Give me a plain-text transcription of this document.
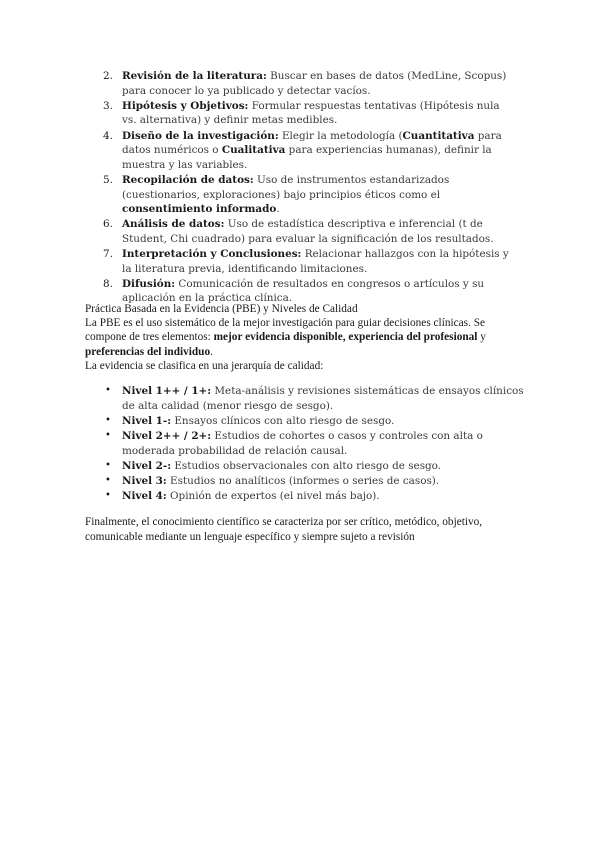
2. Revisión de la literatura: Buscar en bases de datos (MedLine, Scopus) para conocer lo ya publicado y detectar vacíos.
3. Hipótesis y Objetivos: Formular respuestas tentativas (Hipótesis nula vs. alternativa) y definir metas medibles.
4. Diseño de la investigación: Elegir la metodología (Cuantitativa para datos numéricos o Cualitativa para experiencias humanas), definir la muestra y las variables.
5. Recopilación de datos: Uso de instrumentos estandarizados (cuestionarios, exploraciones) bajo principios éticos como el consentimiento informado.
6. Análisis de datos: Uso de estadística descriptiva e inferencial (t de Student, Chi cuadrado) para evaluar la significación de los resultados.
7. Interpretación y Conclusiones: Relacionar hallazgos con la hipótesis y la literatura previa, identificando limitaciones.
8. Difusión: Comunicación de resultados en congresos o artículos y su aplicación en la práctica clínica.

Práctica Basada en la Evidencia (PBE) y Niveles de Calidad

La PBE es el uso sistemático de la mejor investigación para guiar decisiones clínicas. Se compone de tres elementos: mejor evidencia disponible, experiencia del profesional y preferencias del individuo.

La evidencia se clasifica en una jerarquía de calidad:

• Nivel 1++ / 1+: Meta-análisis y revisiones sistemáticas de ensayos clínicos de alta calidad (menor riesgo de sesgo).
• Nivel 1-: Ensayos clínicos con alto riesgo de sesgo.
• Nivel 2++ / 2+: Estudios de cohortes o casos y controles con alta o moderada probabilidad de relación causal.
• Nivel 2-: Estudios observacionales con alto riesgo de sesgo.
• Nivel 3: Estudios no analíticos (informes o series de casos).
• Nivel 4: Opinión de expertos (el nivel más bajo).

Finalmente, el conocimiento científico se caracteriza por ser crítico, metódico, objetivo, comunicable mediante un lenguaje específico y siempre sujeto a revisión
